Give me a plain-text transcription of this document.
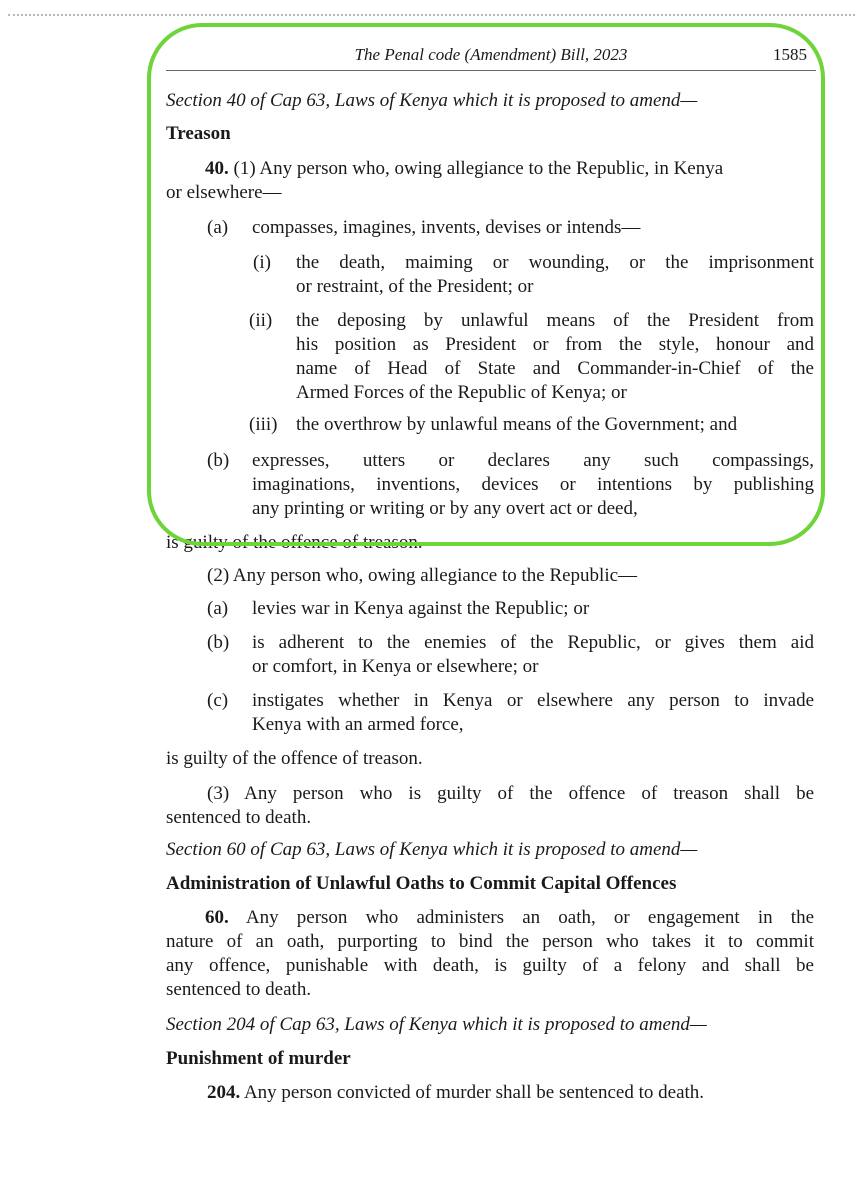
The Penal code (Amendment) Bill, 2023	1585
Section 40 of Cap 63, Laws of Kenya which it is proposed to amend—
Treason
40. (1) Any person who, owing allegiance to the Republic, in Kenya
or elsewhere—
(a) compasses, imagines, invents, devises or intends—
(i) the death, maiming or wounding, or the imprisonment
or restraint, of the President; or
(ii) the deposing by unlawful means of the President from
his position as President or from the style, honour and
name of Head of State and Commander-in-Chief of the
Armed Forces of the Republic of Kenya; or
(iii) the overthrow by unlawful means of the Government; and
(b) expresses, utters or declares any such compassings,
imaginations, inventions, devices or intentions by publishing
any printing or writing or by any overt act or deed,
is guilty of the offence of treason.
(2) Any person who, owing allegiance to the Republic—
(a) levies war in Kenya against the Republic; or
(b) is adherent to the enemies of the Republic, or gives them aid
or comfort, in Kenya or elsewhere; or
(c) instigates whether in Kenya or elsewhere any person to invade
Kenya with an armed force,
is guilty of the offence of treason.
(3) Any person who is guilty of the offence of treason shall be
sentenced to death.
Section 60 of Cap 63, Laws of Kenya which it is proposed to amend—
Administration of Unlawful Oaths to Commit Capital Offences
60. Any person who administers an oath, or engagement in the
nature of an oath, purporting to bind the person who takes it to commit
any offence, punishable with death, is guilty of a felony and shall be
sentenced to death.
Section 204 of Cap 63, Laws of Kenya which it is proposed to amend—
Punishment of murder
204. Any person convicted of murder shall be sentenced to death.
